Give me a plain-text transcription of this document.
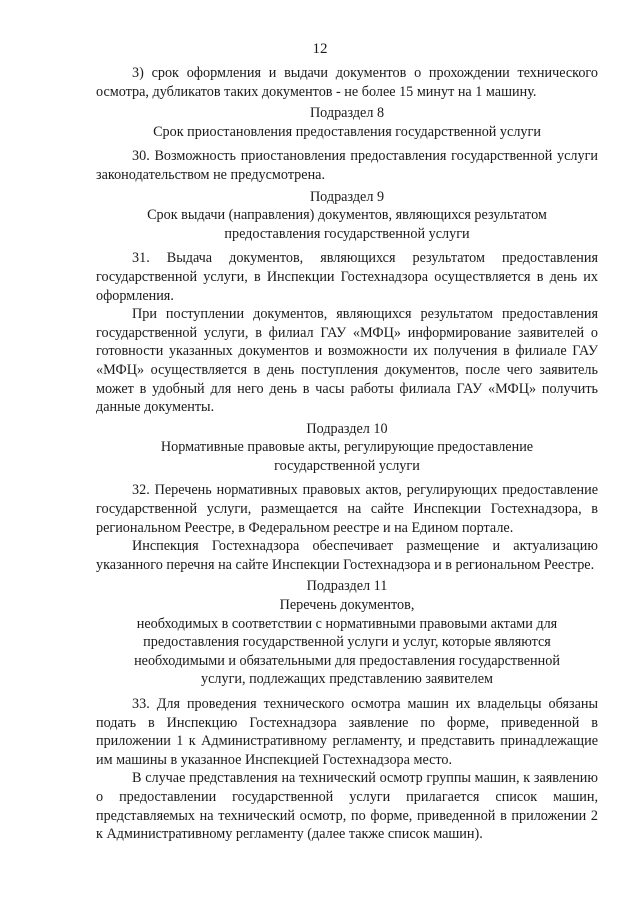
12

3) срок оформления и выдачи документов о прохождении технического осмотра, дубликатов таких документов - не более 15 минут на 1 машину.

Подраздел 8

Срок приостановления предоставления государственной услуги

30. Возможность приостановления предоставления государственной услуги законодательством не предусмотрена.

Подраздел 9

Срок выдачи (направления) документов, являющихся результатом

предоставления государственной услуги

31. Выдача документов, являющихся результатом предоставления государственной услуги, в Инспекции Гостехнадзора осуществляется в день их оформления.

При поступлении документов, являющихся результатом предоставления государственной услуги, в филиал ГАУ «МФЦ» информирование заявителей о готовности указанных документов и возможности их получения в филиале ГАУ «МФЦ» осуществляется в день поступления документов, после чего заявитель может в удобный для него день в часы работы филиала ГАУ «МФЦ» получить данные документы.

Подраздел 10

Нормативные правовые акты, регулирующие предоставление

государственной услуги

32. Перечень нормативных правовых актов, регулирующих предоставление государственной услуги, размещается на сайте Инспекции Гостехнадзора, в региональном Реестре, в Федеральном реестре и на Едином портале.

Инспекция Гостехнадзора обеспечивает размещение и актуализацию указанного перечня на сайте Инспекции Гостехнадзора и в региональном Реестре.

Подраздел 11

Перечень документов,

необходимых в соответствии с нормативными правовыми актами для

предоставления государственной услуги и услуг, которые являются

необходимыми и обязательными для предоставления государственной

услуги, подлежащих представлению заявителем

33. Для проведения технического осмотра машин их владельцы обязаны подать в Инспекцию Гостехнадзора заявление по форме, приведенной в приложении 1 к Административному регламенту, и представить принадлежащие им машины в указанное Инспекцией Гостехнадзора место.

В случае представления на технический осмотр группы машин, к заявлению о предоставлении государственной услуги прилагается список машин, представляемых на технический осмотр, по форме, приведенной в приложении 2 к Административному регламенту (далее также список машин).
